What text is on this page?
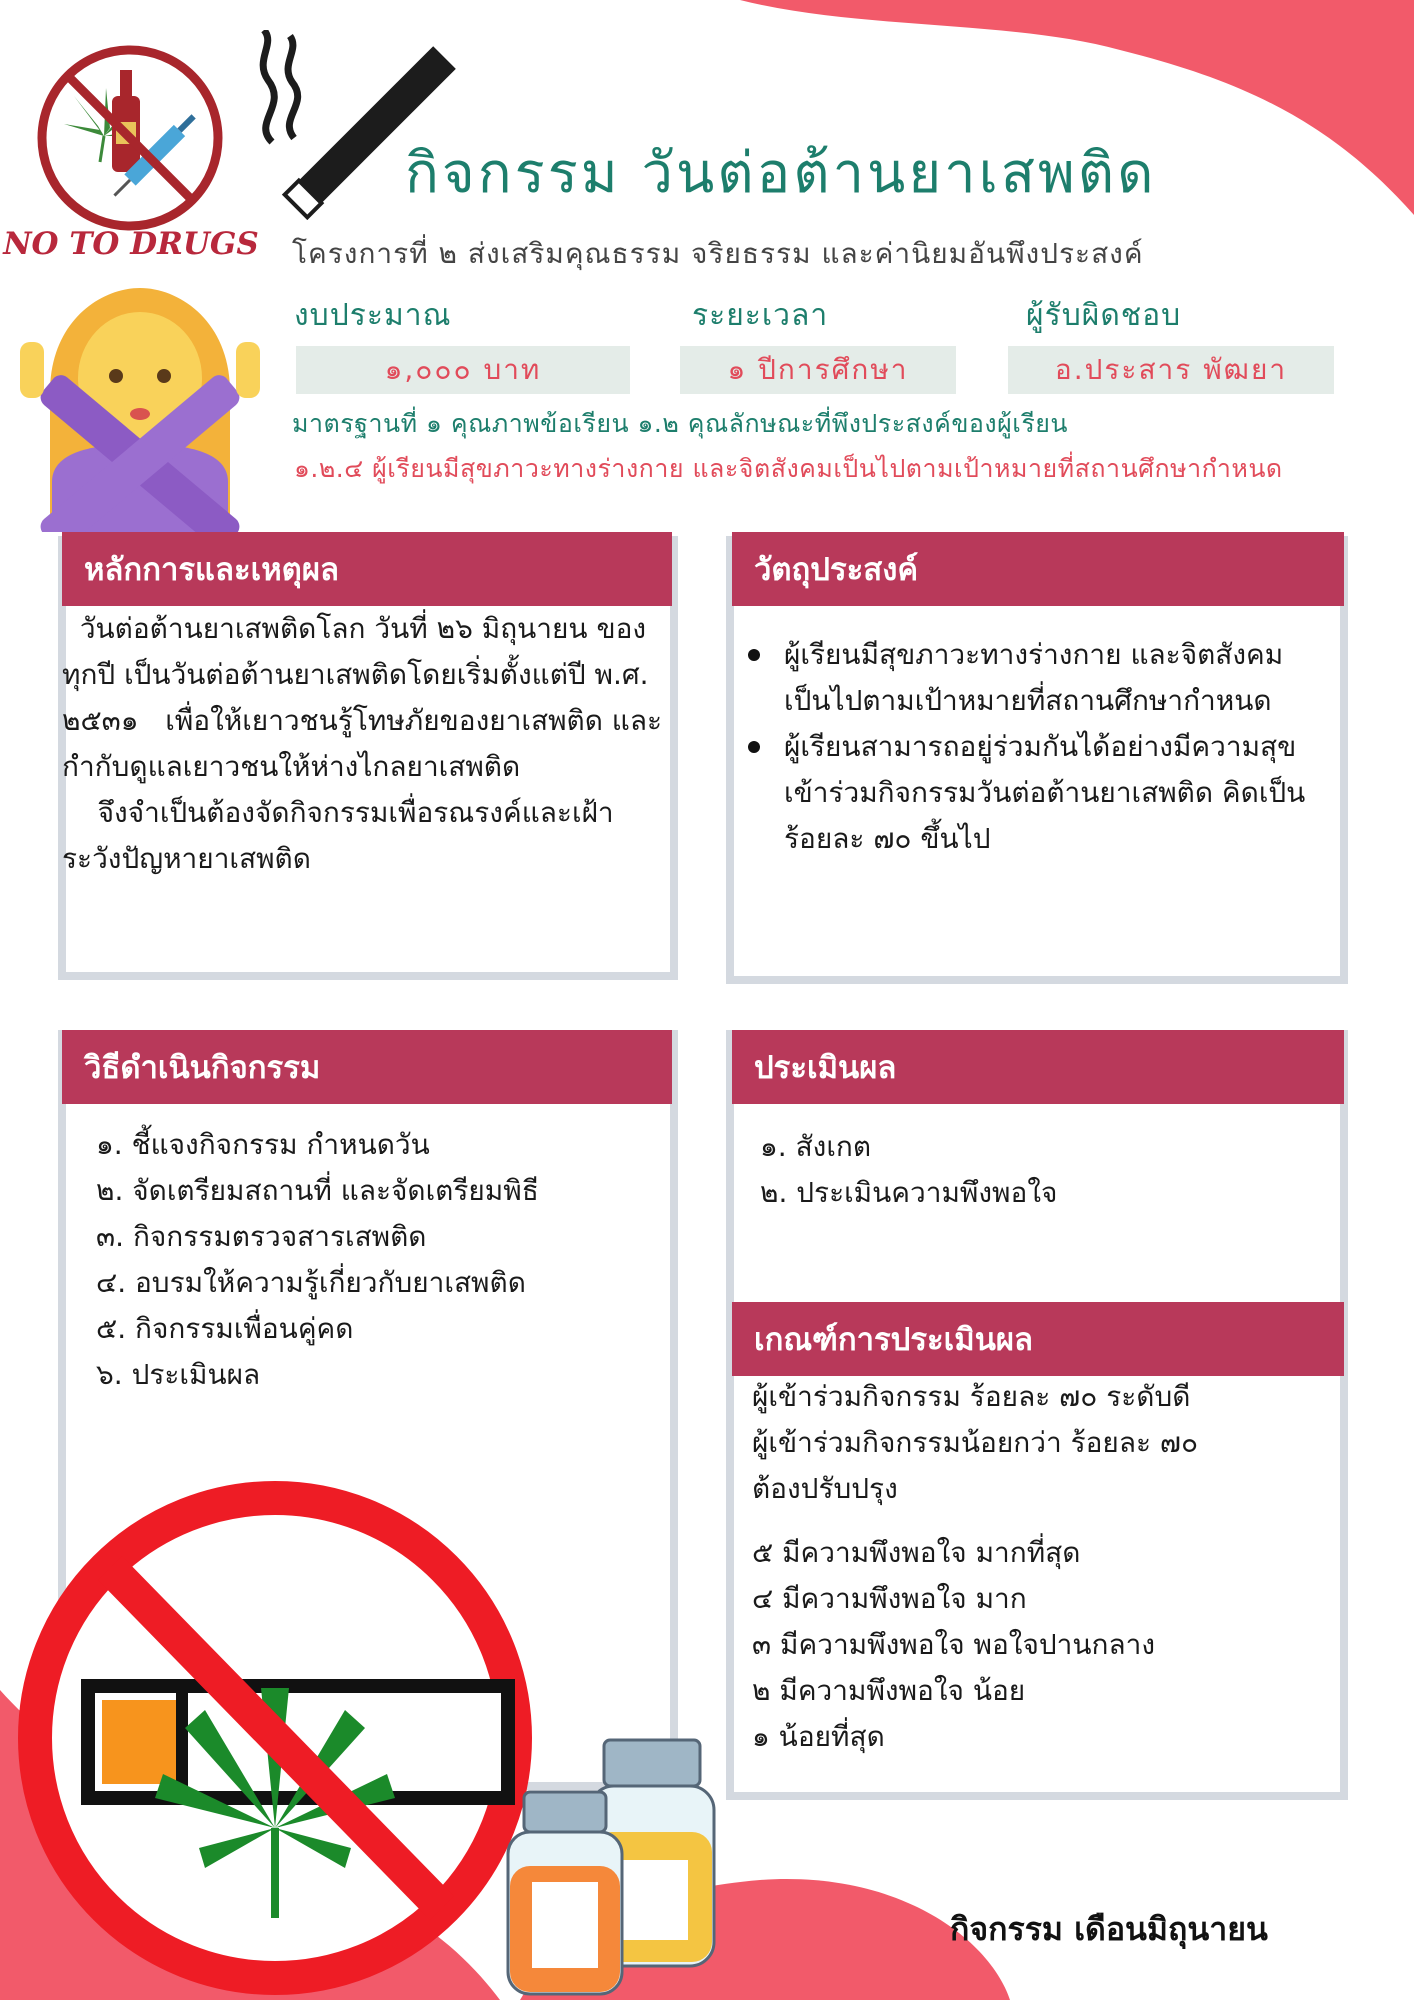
กิจกรรม วันต่อต้านยาเสพติด
NO TO DRUGS โครงการที่ ๒ ส่งเสริมคุณธรรม จริยธรรม และค่านิยมอันพึงประสงค์
งบประมาณ	ระยะเวลา	ผู้รับผิดชอบ
๑,๐๐๐ บาท	๑ ปีการศึกษา	อ.ประสาร พัฒยา
มาตรฐานที่ ๑ คุณภาพข้อเรียน ๑.๒ คุณลักษณะที่พึงประสงค์ของผู้เรียน
๑.๒.๔ ผู้เรียนมีสุขภาวะทางร่างกาย และจิตสังคมเป็นไปตามเป้าหมายที่สถานศึกษากำหนด
หลักการและเหตุผล
วันต่อต้านยาเสพติดโลก วันที่ ๒๖ มิถุนายน ของทุกปี เป็นวันต่อต้านยาเสพติดโดยเริ่มตั้งแต่ปี พ.ศ. ๒๕๓๑   เพื่อให้เยาวชนรู้โทษภัยของยาเสพติด และกำกับดูแลเยาวชนให้ห่างไกลยาเสพติด
จึงจำเป็นต้องจัดกิจกรรมเพื่อรณรงค์และเฝ้าระวังปัญหายาเสพติด
วัตถุประสงค์
ผู้เรียนมีสุขภาวะทางร่างกาย และจิตสังคมเป็นไปตามเป้าหมายที่สถานศึกษากำหนด
ผู้เรียนสามารถอยู่ร่วมกันได้อย่างมีความสุข เข้าร่วมกิจกรรมวันต่อต้านยาเสพติด คิดเป็นร้อยละ ๗๐ ขึ้นไป
วิธีดำเนินกิจกรรม
๑. ชี้แจงกิจกรรม กำหนดวัน
๒. จัดเตรียมสถานที่ และจัดเตรียมพิธี
๓. กิจกรรมตรวจสารเสพติด
๔. อบรมให้ความรู้เกี่ยวกับยาเสพติด
๕. กิจกรรมเพื่อนคู่คด
๖. ประเมินผล
ประเมินผล
๑. สังเกต
๒. ประเมินความพึงพอใจ
เกณฑ์การประเมินผล
ผู้เข้าร่วมกิจกรรม ร้อยละ ๗๐ ระดับดี
ผู้เข้าร่วมกิจกรรมน้อยกว่า ร้อยละ ๗๐
ต้องปรับปรุง
๕ มีความพึงพอใจ มากที่สุด
๔ มีความพึงพอใจ มาก
๓ มีความพึงพอใจ พอใจปานกลาง
๒ มีความพึงพอใจ น้อย
๑ น้อยที่สุด
กิจกรรม เดือนมิถุนายน
